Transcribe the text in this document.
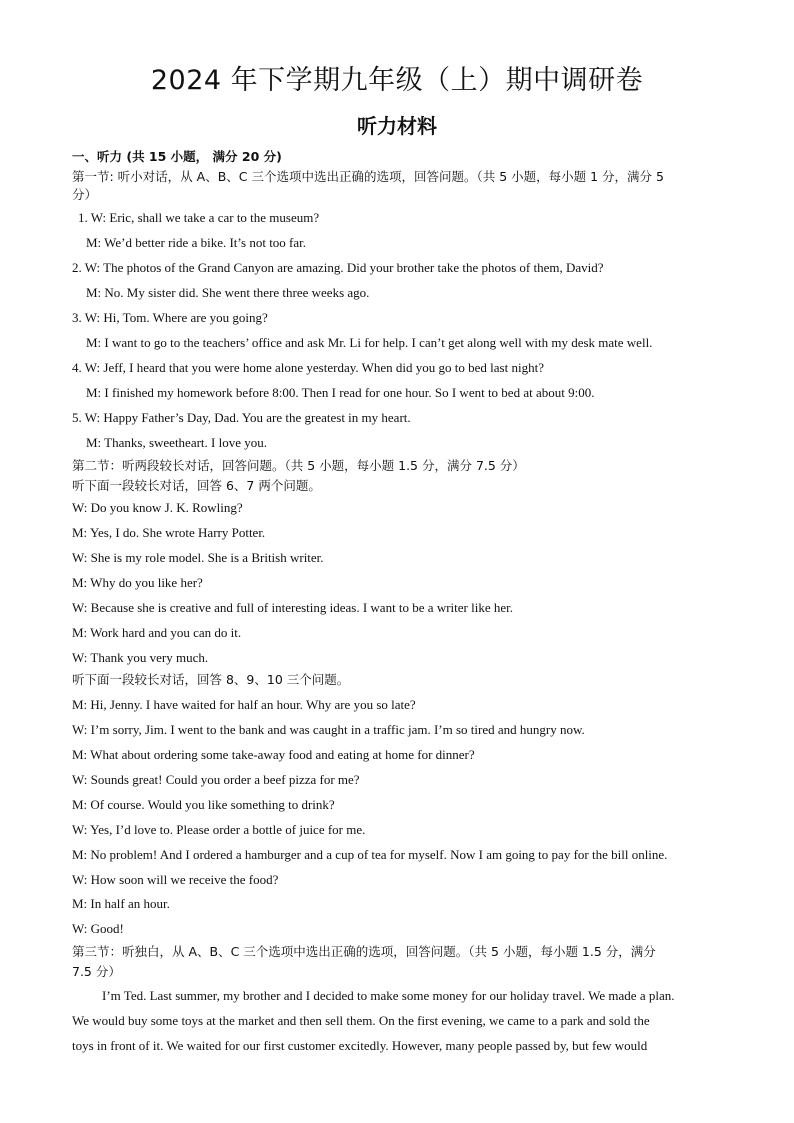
2024 年下学期九年级（上）期中调研卷
听力材料
一、听力 (共 15 小题， 满分 20 分)
第一节: 听小对话，从 A、B、C 三个选项中选出正确的选项，回答问题。（共 5 小题，每小题 1 分，满分 5
分）
1. W: Eric, shall we take a car to the museum?
M: We’d better ride a bike. It’s not too far.
2. W: The photos of the Grand Canyon are amazing. Did your brother take the photos of them, David?
M: No. My sister did. She went there three weeks ago.
3. W: Hi, Tom. Where are you going?
M: I want to go to the teachers’ office and ask Mr. Li for help. I can’t get along well with my desk mate well.
4. W: Jeff, I heard that you were home alone yesterday. When did you go to bed last night?
M: I finished my homework before 8:00. Then I read for one hour. So I went to bed at about 9:00.
5. W: Happy Father’s Day, Dad. You are the greatest in my heart.
M: Thanks, sweetheart. I love you.
第二节：听两段较长对话，回答问题。（共 5 小题，每小题 1.5 分，满分 7.5 分）
听下面一段较长对话，回答 6、7 两个问题。
W: Do you know J. K. Rowling?
M: Yes, I do. She wrote Harry Potter.
W: She is my role model. She is a British writer.
M: Why do you like her?
W: Because she is creative and full of interesting ideas. I want to be a writer like her.
M: Work hard and you can do it.
W: Thank you very much.
听下面一段较长对话，回答 8、9、10 三个问题。
M: Hi, Jenny. I have waited for half an hour. Why are you so late?
W: I’m sorry, Jim. I went to the bank and was caught in a traffic jam. I’m so tired and hungry now.
M: What about ordering some take-away food and eating at home for dinner?
W: Sounds great! Could you order a beef pizza for me?
M: Of course. Would you like something to drink?
W: Yes, I’d love to. Please order a bottle of juice for me.
M: No problem! And I ordered a hamburger and a cup of tea for myself. Now I am going to pay for the bill online.
W: How soon will we receive the food?
M: In half an hour.
W: Good!
第三节：听独白，从 A、B、C 三个选项中选出正确的选项，回答问题。（共 5 小题，每小题 1.5 分，满分
7.5 分）
I’m Ted. Last summer, my brother and I decided to make some money for our holiday travel. We made a plan.
We would buy some toys at the market and then sell them. On the first evening, we came to a park and sold the
toys in front of it. We waited for our first customer excitedly. However, many people passed by, but few would
